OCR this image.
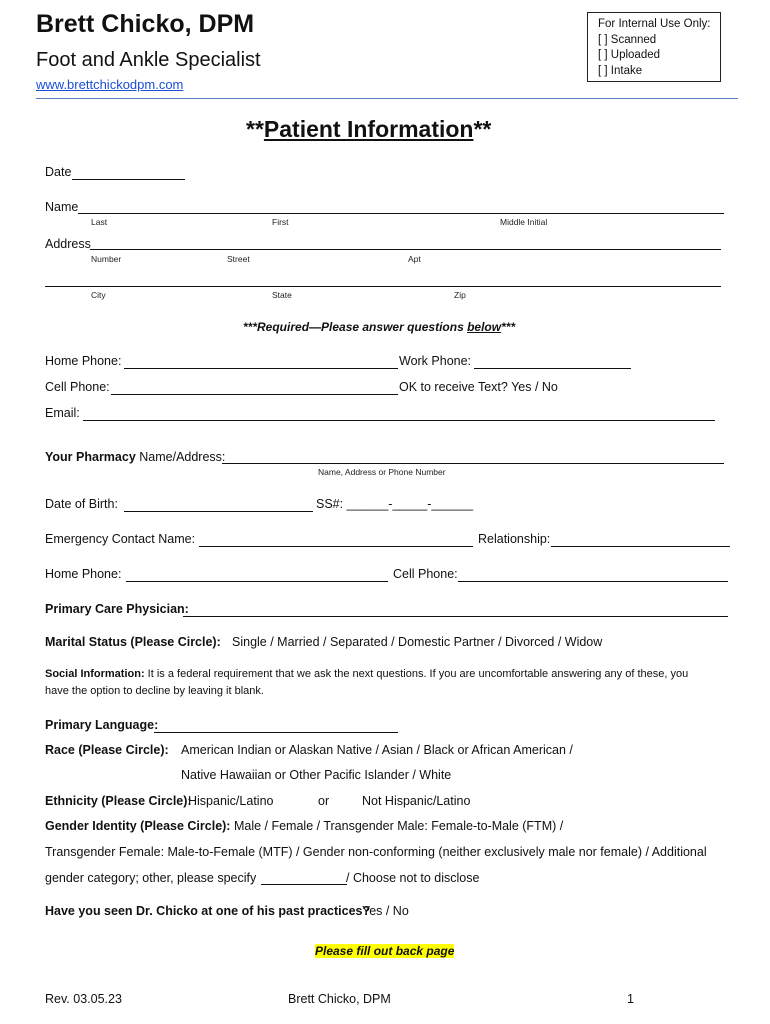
Brett Chicko, DPM
Foot and Ankle Specialist
www.brettchickodpm.com
For Internal Use Only:
[ ] Scanned
[ ] Uploaded
[ ] Intake
**Patient Information**
Date
Name
Last	First	Middle Initial
Address
Number	Street	Apt
City	State	Zip
***Required—Please answer questions below***
Home Phone:	Work Phone:
Cell Phone:	OK to receive Text? Yes / No
Email:
Your Pharmacy Name/Address:
Name, Address or Phone Number
Date of Birth:	SS#: ______-_____-______
Emergency Contact Name:	Relationship:
Home Phone:	Cell Phone:
Primary Care Physician:
Marital Status (Please Circle): Single / Married / Separated / Domestic Partner / Divorced / Widow
Social Information: It is a federal requirement that we ask the next questions. If you are uncomfortable answering any of these, you
have the option to decline by leaving it blank.
Primary Language:
Race (Please Circle): American Indian or Alaskan Native / Asian / Black or African American /
Native Hawaiian or Other Pacific Islander / White
Ethnicity (Please Circle):
Hispanic/Latino	or	Not Hispanic/Latino
Gender Identity (Please Circle): Male / Female / Transgender Male: Female-to-Male (FTM) /
Transgender Female: Male-to-Female (MTF) / Gender non-conforming (neither exclusively male nor female) / Additional
gender category; other, please specify	/ Choose not to disclose
Have you seen Dr. Chicko at one of his past practices?
Yes / No
Please fill out back page
Rev. 03.05.23	Brett Chicko, DPM	1
